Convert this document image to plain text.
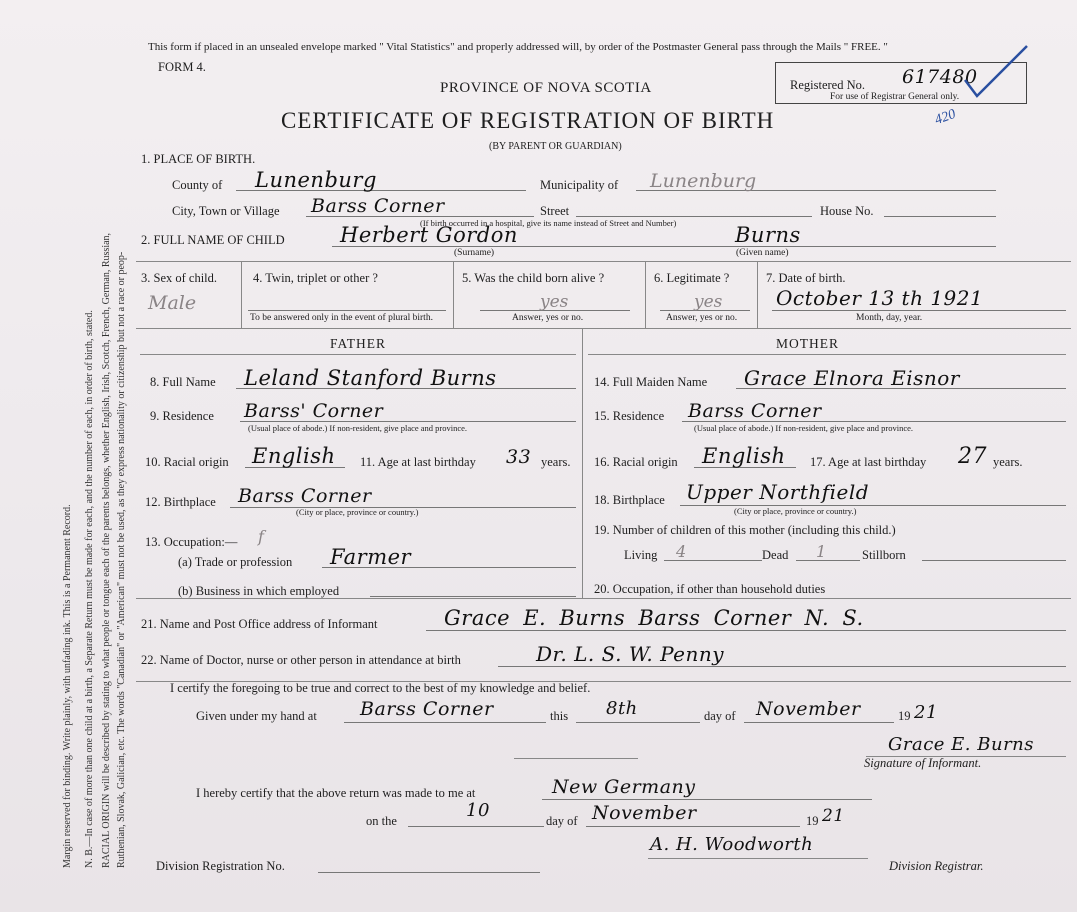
Margin reserved for binding. Write plainly, with unfading ink. This is a Permanent Record. N. B.—In case of more than one child at a birth, a Separate Return must be made for each, and the number of each, in order of birth, stated. RACIAL ORIGIN will be described by stating to what people or tongue each of the parents belongs, whether English, Irish, Scotch, French, German, Russian, Ruthenian, Slovak, Galician, etc. The words "Canadian" or "American" must not be used, as they express nationality or citizenship but not a race or peop-
This form if placed in an unsealed envelope marked " Vital Statistics" and properly addressed will, by order of the Postmaster General pass through the Mails " FREE. "
FORM 4.
PROVINCE OF NOVA SCOTIA
CERTIFICATE OF REGISTRATION OF BIRTH
(BY PARENT OR GUARDIAN)
Registered No. 617480
For use of Registrar General only.
420
1. PLACE OF BIRTH.
County of Lunenburg	Municipality of Lunenburg
City, Town or Village Barss Corner	Street	House No.
(If birth occurred in a hospital, give its name instead of Street and Number)
2. FULL NAME OF CHILD	Herbert Gordon	Burns
(Surname)	(Given name)
3. Sex of child.
Male
4. Twin, triplet or other ?
To be answered only in the event of plural birth.
5. Was the child born alive ?
yes
Answer, yes or no.
6. Legitimate ?
yes
Answer, yes or no.
7. Date of birth.
October 13 th 1921
Month, day, year.
FATHER	MOTHER
8. Full Name Leland Stanford Burns
9. Residence Barss' Corner
(Usual place of abode.) If non-resident, give place and province.
10. Racial origin English 11. Age at last birthday 33 years.
12. Birthplace Barss Corner
(City or place, province or country.)
13. Occupation:— f
(a) Trade or profession Farmer
(b) Business in which employed
14. Full Maiden Name Grace Elnora Eisnor
15. Residence Barss Corner
(Usual place of abode.) If non-resident, give place and province.
16. Racial origin English 17. Age at last birthday 27 years.
18. Birthplace Upper Northfield
(City or place, province or country.)
19. Number of children of this mother (including this child.)
Living 4	Dead 1	Stillborn
20. Occupation, if other than household duties
21. Name and Post Office address of Informant	Grace E. Burns Barss Corner N. S.
22. Name of Doctor, nurse or other person in attendance at birth	Dr. L. S. W. Penny
I certify the foregoing to be true and correct to the best of my knowledge and belief.
Given under my hand at Barss Corner	this 8th	day of November	19 21
Grace E. Burns
Signature of Informant.
I hereby certify that the above return was made to me at	New Germany
on the	10	day of November	19 21
A. H. Woodworth
Division Registration No.	Division Registrar.
